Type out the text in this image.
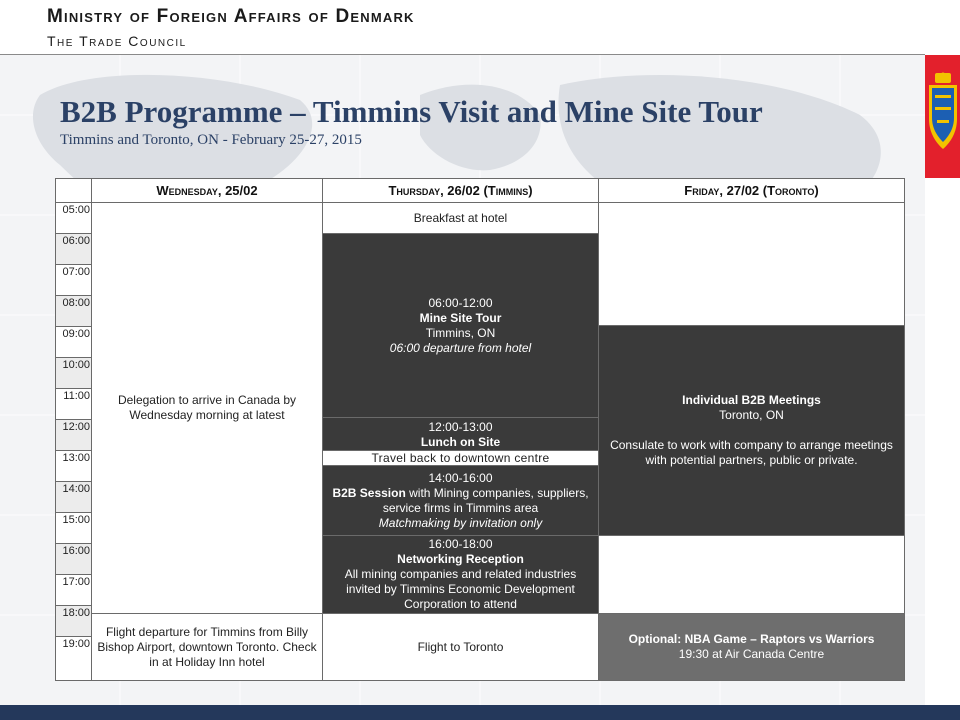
Ministry of Foreign Affairs of Denmark
The Trade Council
B2B Programme – Timmins Visit and Mine Site Tour
Timmins and Toronto, ON - February 25-27, 2015
Wednesday, 25/02	Thursday, 26/02 (Timmins)	Friday, 27/02 (Toronto)
05:00
06:00
07:00
08:00
09:00
10:00
11:00
12:00
13:00
14:00
15:00
16:00
17:00
18:00
19:00
Delegation to arrive in Canada by Wednesday morning at latest
Flight departure for Timmins from Billy Bishop Airport, downtown Toronto. Check in at Holiday Inn hotel
Breakfast at hotel
06:00-12:00
Mine Site Tour
Timmins, ON
06:00 departure from hotel
12:00-13:00
Lunch on Site
Travel back to downtown centre
14:00-16:00
B2B Session with Mining companies, suppliers, service firms in Timmins area
Matchmaking by invitation only
16:00-18:00
Networking Reception
All mining companies and related industries invited by Timmins Economic Development Corporation to attend
Flight to Toronto
Individual B2B Meetings
Toronto, ON
Consulate to work with company to arrange meetings with potential partners, public or private.
Optional: NBA Game – Raptors vs Warriors
19:30 at Air Canada Centre
